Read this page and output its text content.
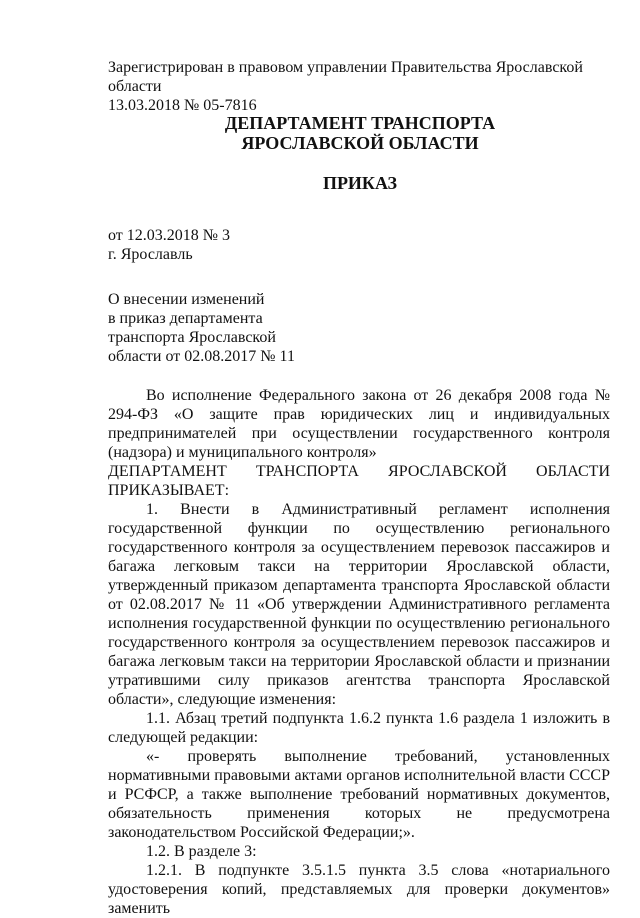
Зарегистрирован в правовом управлении Правительства Ярославской области
13.03.2018 № 05-7816
ДЕПАРТАМЕНТ ТРАНСПОРТА
ЯРОСЛАВСКОЙ ОБЛАСТИ
ПРИКАЗ
от 12.03.2018 № 3
г. Ярославль
О внесении изменений
в приказ департамента
транспорта Ярославской
области от 02.08.2017 № 11

Во исполнение Федерального закона от 26 декабря 2008 года № 294-ФЗ «О защите прав юридических лиц и индивидуальных предпринимателей при осуществлении государственного контроля (надзора) и муниципального контроля»

ДЕПАРТАМЕНТ ТРАНСПОРТА ЯРОСЛАВСКОЙ ОБЛАСТИ

ПРИКАЗЫВАЕТ:

1. Внести в Административный регламент исполнения государственной функции по осуществлению регионального государственного контроля за осуществлением перевозок пассажиров и багажа легковым такси на территории Ярославской области, утвержденный приказом департамента транспорта Ярославской области от 02.08.2017 № 11 «Об утверждении Административного регламента исполнения государственной функции по осуществлению регионального государственного контроля за осуществлением перевозок пассажиров и багажа легковым такси на территории Ярославской области и признании утратившими силу приказов агентства транспорта Ярославской области», следующие изменения:

1.1. Абзац третий подпункта 1.6.2 пункта 1.6 раздела 1 изложить в следующей редакции:

«- проверять выполнение требований, установленных нормативными правовыми актами органов исполнительной власти СССР и РСФСР, а также выполнение требований нормативных документов, обязательность применения которых не предусмотрена законодательством Российской Федерации;».

1.2. В разделе 3:

1.2.1. В подпункте 3.5.1.5 пункта 3.5 слова «нотариального удостоверения копий, представляемых для проверки документов» заменить
